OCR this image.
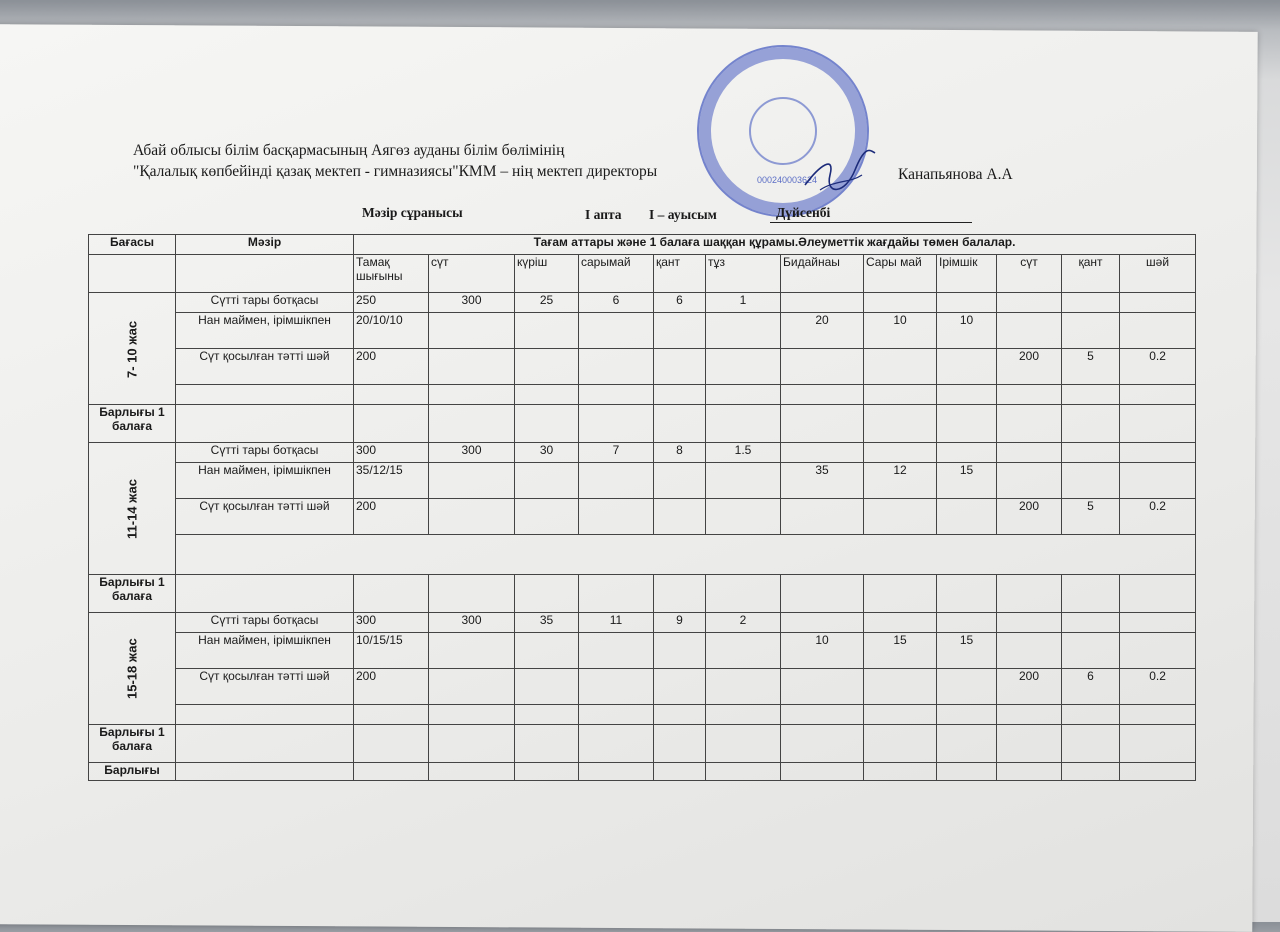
000240003624
Абай облысы білім басқармасының Аягөз ауданы білім бөлімінің
"Қалалық көпбейінді қазақ мектеп - гимназиясы"КММ – нің мектеп директоры	Канапьянова А.А
Мәзір сұранысы	І апта І – ауысым	Дүйсенбі
Бағасы	Мәзір	Тағам аттары және 1 балаға шаққан құрамы.Әлеуметтік жағдайы төмен балалар.											
		Тамақ шығыны	сүт	күріш	сарымай	қант	тұз	Бидайнаы	Сары май	Ірімшік	сүт	қант	шәй
7- 10 жас	Сүтті тары ботқасы	250	300	25	6	6	1						
	Нан маймен, ірімшікпен	20/10/10						20	10	10			
	Сүт қосылған тәтті шәй	200									200	5	0.2

Барлығы 1 балаға													
11-14 жас	Сүтті тары ботқасы	300	300	30	7	8	1.5						
	Нан маймен, ірімшікпен	35/12/15						35	12	15			
	Сүт қосылған тәтті шәй	200									200	5	0.2

Барлығы 1 балаға													
15-18 жас	Сүтті тары ботқасы	300	300	35	11	9	2						
	Нан маймен, ірімшікпен	10/15/15						10	15	15			
	Сүт қосылған тәтті шәй	200									200	6	0.2

Барлығы 1 балаға													
Барлығы													
